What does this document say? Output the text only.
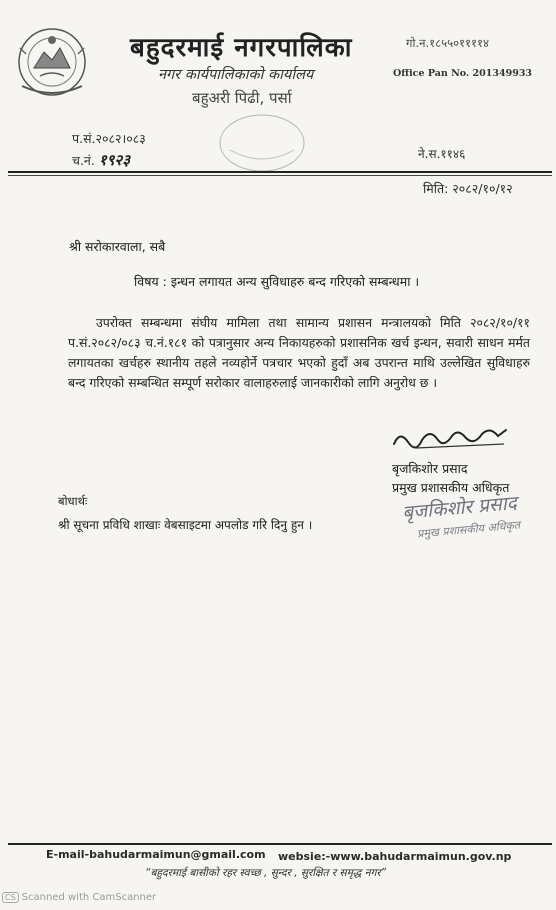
बहुदरमाई नगरपालिका
नगर कार्यपालिकाको कार्यालय
बहुअरी पिढी, पर्सा
गो.न.१८५५०११११४
Office Pan No. 201349933
प.सं.२०८२।०८३
च.नं. १९२३	ने.स.११४६
मिति: २०८२/१०/१२
श्री सरोकारवाला, सबै
विषय : इन्धन लगायत अन्य सुविधाहरु बन्द गरिएको सम्बन्धमा ।
उपरोक्त सम्बन्धमा संघीय मामिला तथा सामान्य प्रशासन मन्त्रालयको मिति २०८२/१०/११ प.सं.२०८२/०८३ च.नं.१८१ को पत्रानुसार अन्य निकायहरुको प्रशासनिक खर्च इन्धन, सवारी साधन मर्मत लगायतका खर्चहरु स्थानीय तहले नव्यहोर्ने पत्रचार भएको हुदाँ अब उपरान्त माथि उल्लेखित सुविधाहरु बन्द गरिएको सम्बन्धित सम्पूर्ण सरोकार वालाहरुलाई जानकारीको लागि अनुरोध छ ।
बृजकिशोर प्रसाद
प्रमुख प्रशासकीय अधिकृत
बृजकिशोर प्रसाद
प्रमुख प्रशासकीय अधिकृत
बोधार्थः
श्री सूचना प्रविधि शाखाः वेबसाइटमा अपलोड गरि दिनु हुन ।
E-mail-bahudarmaimun@gmail.com websie:-www.bahudarmaimun.gov.np
“बहुदरमाई बासीको रहर स्वच्छ , सुन्दर , सुरक्षित र समृद्ध नगर”
CS Scanned with CamScanner
